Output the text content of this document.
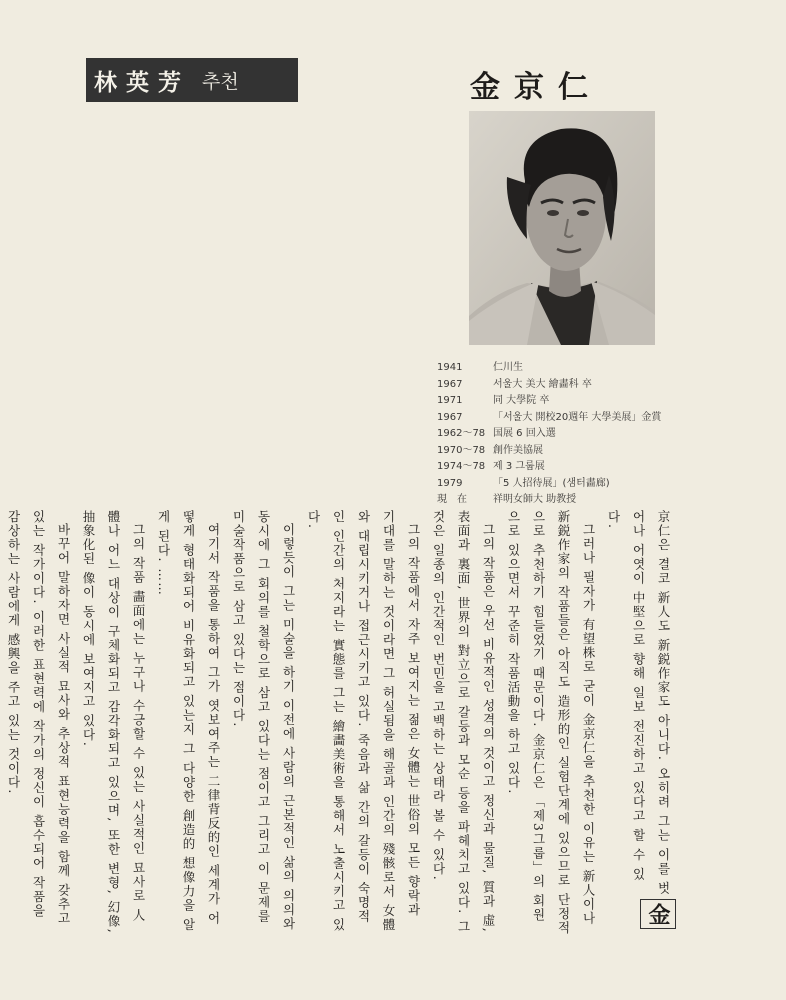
林英芳 추천	金京仁
1941	仁川生
1967	서울大 美大 繪畵科 卒
1971	同 大學院 卒
1967	「서울大 開校20週年 大學美展」金賞
1962〜78 国展 6 回入選
1970〜78 創作美協展
1974〜78 제 3 그룹展
1979	「5 人招待展」(샘터畵廊)
現　在	祥明女師大 助教授
金

京仁은 결코 新人도 新鋭作家도 아니다. 오히려 그는 이를 벗어나 어엿이 中堅으로 향해 일보 전진하고 있다고 할 수 있다.

그러나 필자가 有望株로 굳이 金京仁을 추천한 이유는 新人이나 新鋭作家의 작품들은 아직도 造形的인 실험단계에 있으므로 단정적으로 추천하기 힘들었기 때문이다. 金京仁은 「제3그룹」의 회원으로 있으면서 꾸준히 작품活動을 하고 있다.

그의 작품은 우선 비유적인 성격의 것이고 정신과 물질, 質과 虛, 表面과 裏面, 世界의 對立으로 갈등과 모순 등을 파헤치고 있다. 그것은 일종의 인간적인 번민을 고백하는 상태라 볼 수 있다.

그의 작품에서 자주 보여지는 젊은 女體는 世俗의 모든 향락과 기대를 말하는 것이라면 그 허실됨을 해골과 인간의 殘骸로서 女體와 대립시키거나 접근시키고 있다. 죽음과 삶 간의 갈등이 숙명적인 인간의 처지라는 實態를 그는 繪畵美術을 통해서 노출시키고 있다.

이렇듯이 그는 미술을 하기 이전에 사람의 근본적인 삶의 의의와 동시에 그 회의를 철학으로 삼고 있다는 점이고 그리고 이 문제를 미술작품으로 삼고 있다는 점이다.

여기서 작품을 통하여 그가 엿보여주는 二律背反的인 세계가 어떻게 형태화되어 비유화되고 있는지 그 다양한 創造的 想像力을 알게 된다. ……

그의 작품 畵面에는 누구나 수긍할 수 있는 사실적인 묘사로 人體나 어느 대상이 구체화되고 감각화되고 있으며, 또한 변형, 幻像, 抽象化된 像이 동시에 보여지고 있다.

바꾸어 말하자면 사실적 묘사와 추상적 표현능력을 함께 갖추고 있는 작가이다. 이러한 표현력에 작가의 정신이 흡수되어 작품을 감상하는 사람에게 感興을 주고 있는 것이다.
